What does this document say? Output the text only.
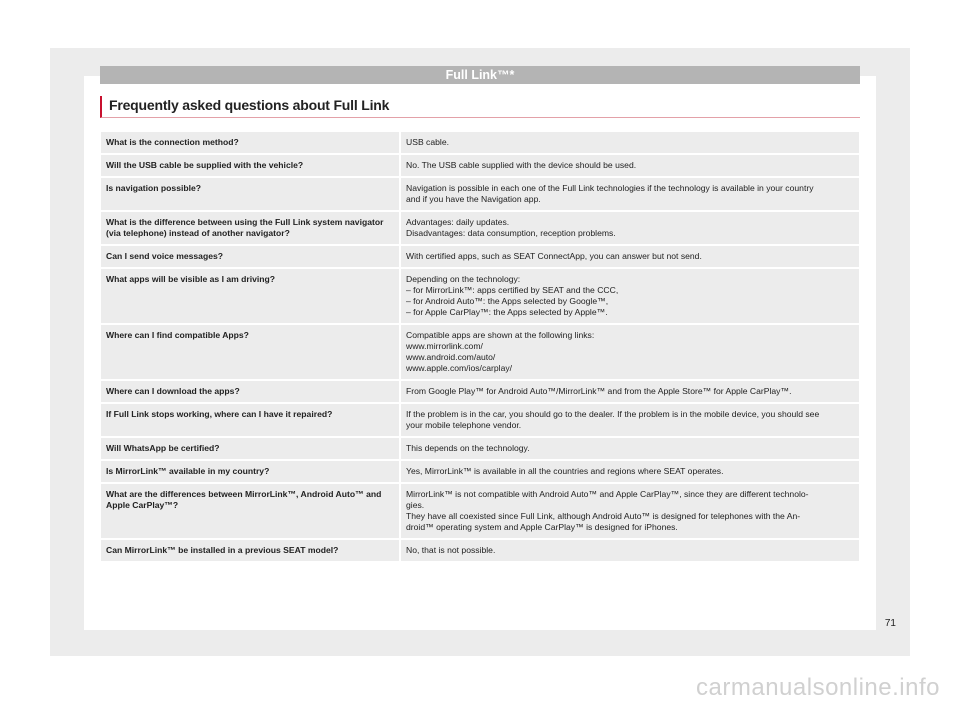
Full Link™*
Frequently asked questions about Full Link
What is the connection method?	USB cable.
Will the USB cable be supplied with the vehicle?	No. The USB cable supplied with the device should be used.
Is navigation possible?	Navigation is possible in each one of the Full Link technologies if the technology is available in your country
and if you have the Navigation app.
What is the difference between using the Full Link system navigator (via telephone) instead of another navigator?	Advantages: daily updates.
Disadvantages: data consumption, reception problems.
Can I send voice messages?	With certified apps, such as SEAT ConnectApp, you can answer but not send.
What apps will be visible as I am driving?	Depending on the technology:
– for MirrorLink™: apps certified by SEAT and the CCC,
– for Android Auto™: the Apps selected by Google™,
– for Apple CarPlay™: the Apps selected by Apple™.
Where can I find compatible Apps?	Compatible apps are shown at the following links:
www.mirrorlink.com/
www.android.com/auto/
www.apple.com/ios/carplay/
Where can I download the apps?	From Google Play™ for Android Auto™/MirrorLink™ and from the Apple Store™ for Apple CarPlay™.
If Full Link stops working, where can I have it repaired?	If the problem is in the car, you should go to the dealer. If the problem is in the mobile device, you should see
your mobile telephone vendor.
Will WhatsApp be certified?	This depends on the technology.
Is MirrorLink™ available in my country?	Yes, MirrorLink™ is available in all the countries and regions where SEAT operates.
What are the differences between MirrorLink™, Android Auto™ and Apple CarPlay™?	MirrorLink™ is not compatible with Android Auto™ and Apple CarPlay™, since they are different technolo-
gies.
They have all coexisted since Full Link, although Android Auto™ is designed for telephones with the An-
droid™ operating system and Apple CarPlay™ is designed for iPhones.
Can MirrorLink™ be installed in a previous SEAT model?	No, that is not possible.
71
carmanualsonline.info
